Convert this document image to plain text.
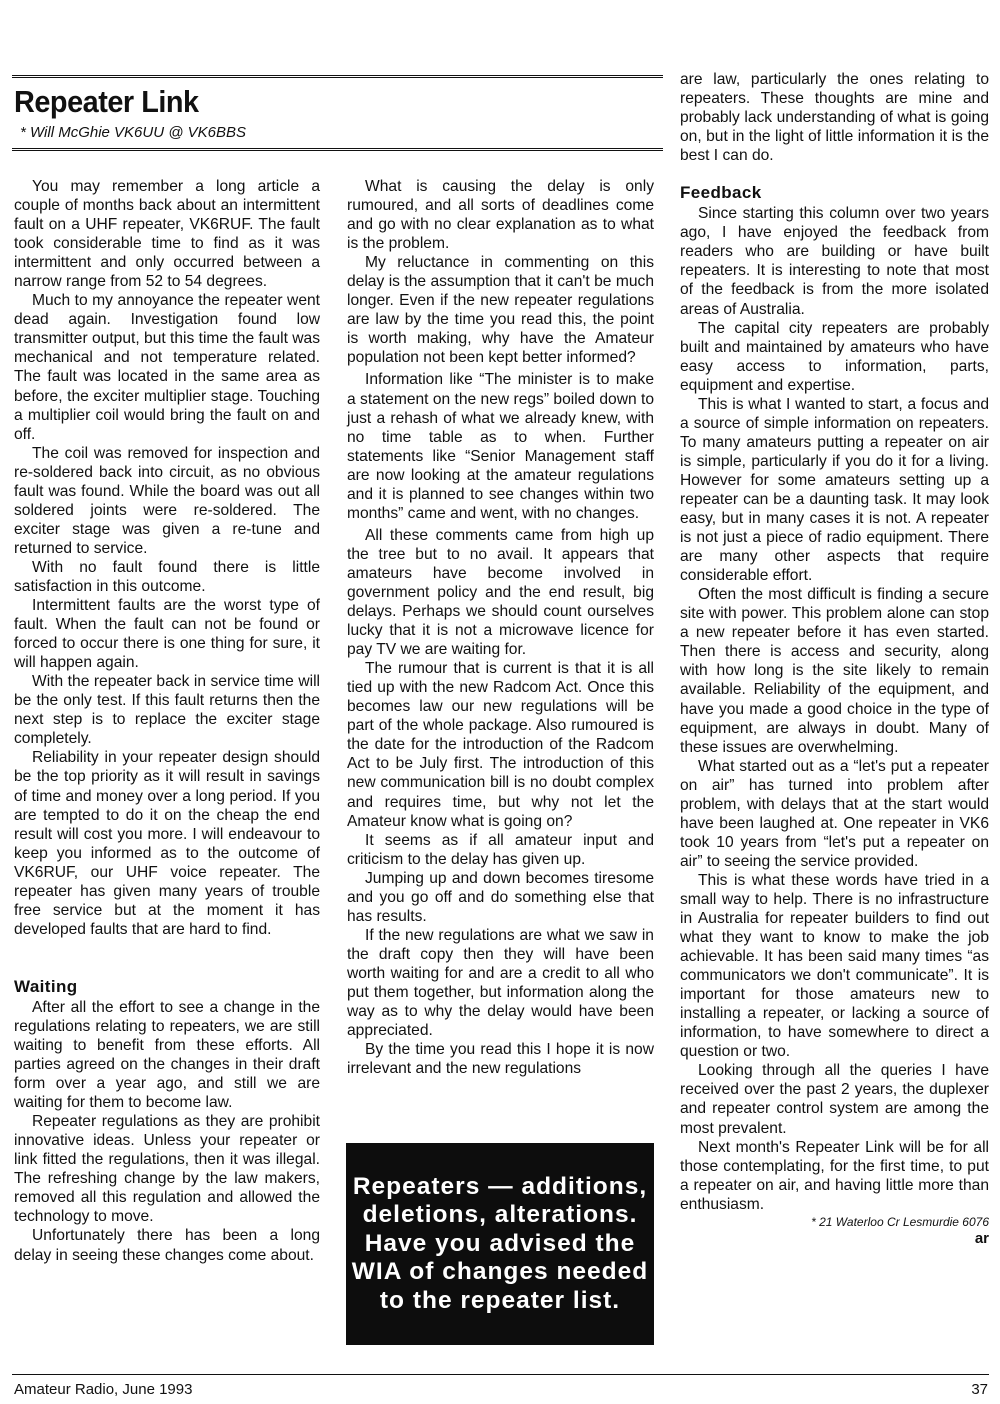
Repeater Link
* Will McGhie VK6UU @ VK6BBS

You may remember a long article a couple of months back about an intermittent fault on a UHF repeater, VK6RUF. The fault took considerable time to find as it was intermittent and only occurred between a narrow range from 52 to 54 degrees.

Much to my annoyance the repeater went dead again. Investigation found low transmitter output, but this time the fault was mechanical and not temperature related. The fault was located in the same area as before, the exciter multiplier stage. Touching a multiplier coil would bring the fault on and off.

The coil was removed for inspection and re-soldered back into circuit, as no obvious fault was found. While the board was out all soldered joints were re-soldered. The exciter stage was given a re-tune and returned to service.

With no fault found there is little satisfaction in this outcome.

Intermittent faults are the worst type of fault. When the fault can not be found or forced to occur there is one thing for sure, it will happen again.

With the repeater back in service time will be the only test. If this fault returns then the next step is to replace the exciter stage completely.

Reliability in your repeater design should be the top priority as it will result in savings of time and money over a long period. If you are tempted to do it on the cheap the end result will cost you more. I will endeavour to keep you informed as to the outcome of VK6RUF, our UHF voice repeater. The repeater has given many years of trouble free service but at the moment it has developed faults that are hard to find.

Waiting

After all the effort to see a change in the regulations relating to repeaters, we are still waiting to benefit from these efforts. All parties agreed on the changes in their draft form over a year ago, and still we are waiting for them to become law.

Repeater regulations as they are prohibit innovative ideas. Unless your repeater or link fitted the regulations, then it was illegal. The refreshing change by the law makers, removed all this regulation and allowed the technology to move.

Unfortunately there has been a long delay in seeing these changes come about.

What is causing the delay is only rumoured, and all sorts of deadlines come and go with no clear explanation as to what is the problem.

My reluctance in commenting on this delay is the assumption that it can't be much longer. Even if the new repeater regulations are law by the time you read this, the point is worth making, why have the Amateur population not been kept better informed?

Information like “The minister is to make a statement on the new regs” boiled down to just a rehash of what we already knew, with no time table as to when. Further statements like “Senior Management staff are now looking at the amateur regulations and it is planned to see changes within two months” came and went, with no changes.

All these comments came from high up the tree but to no avail. It appears that amateurs have become involved in government policy and the end result, big delays. Perhaps we should count ourselves lucky that it is not a microwave licence for pay TV we are waiting for.

The rumour that is current is that it is all tied up with the new Radcom Act. Once this becomes law our new regulations will be part of the whole package. Also rumoured is the date for the introduction of the Radcom Act to be July first. The introduction of this new communication bill is no doubt complex and requires time, but why not let the Amateur know what is going on?

It seems as if all amateur input and criticism to the delay has given up.

Jumping up and down becomes tiresome and you go off and do something else that has results.

If the new regulations are what we saw in the draft copy then they will have been worth waiting for and are a credit to all who put them together, but information along the way as to why the delay would have been appreciated.

By the time you read this I hope it is now irrelevant and the new regulations

Repeaters — additions, deletions, alterations. Have you advised the WIA of changes needed to the repeater list.

are law, particularly the ones relating to repeaters. These thoughts are mine and probably lack understanding of what is going on, but in the light of little information it is the best I can do.

Feedback

Since starting this column over two years ago, I have enjoyed the feedback from readers who are building or have built repeaters. It is interesting to note that most of the feedback is from the more isolated areas of Australia.

The capital city repeaters are probably built and maintained by amateurs who have easy access to information, parts, equipment and expertise.

This is what I wanted to start, a focus and a source of simple information on repeaters. To many amateurs putting a repeater on air is simple, particularly if you do it for a living. However for some amateurs setting up a repeater can be a daunting task. It may look easy, but in many cases it is not. A repeater is not just a piece of radio equipment. There are many other aspects that require considerable effort.

Often the most difficult is finding a secure site with power. This problem alone can stop a new repeater before it has even started. Then there is access and security, along with how long is the site likely to remain available. Reliability of the equipment, and have you made a good choice in the type of equipment, are always in doubt. Many of these issues are overwhelming.

What started out as a “let's put a repeater on air” has turned into problem after problem, with delays that at the start would have been laughed at. One repeater in VK6 took 10 years from “let's put a repeater on air” to seeing the service provided.

This is what these words have tried in a small way to help. There is no infrastructure in Australia for repeater builders to find out what they want to know to make the job achievable. It has been said many times “as communicators we don't communicate”. It is important for those amateurs new to installing a repeater, or lacking a source of information, to have somewhere to direct a question or two.

Looking through all the queries I have received over the past 2 years, the duplexer and repeater control system are among the most prevalent.

Next month's Repeater Link will be for all those contemplating, for the first time, to put a repeater on air, and having little more than enthusiasm.

* 21 Waterloo Cr Lesmurdie 6076
ar
Amateur Radio, June 1993	37
